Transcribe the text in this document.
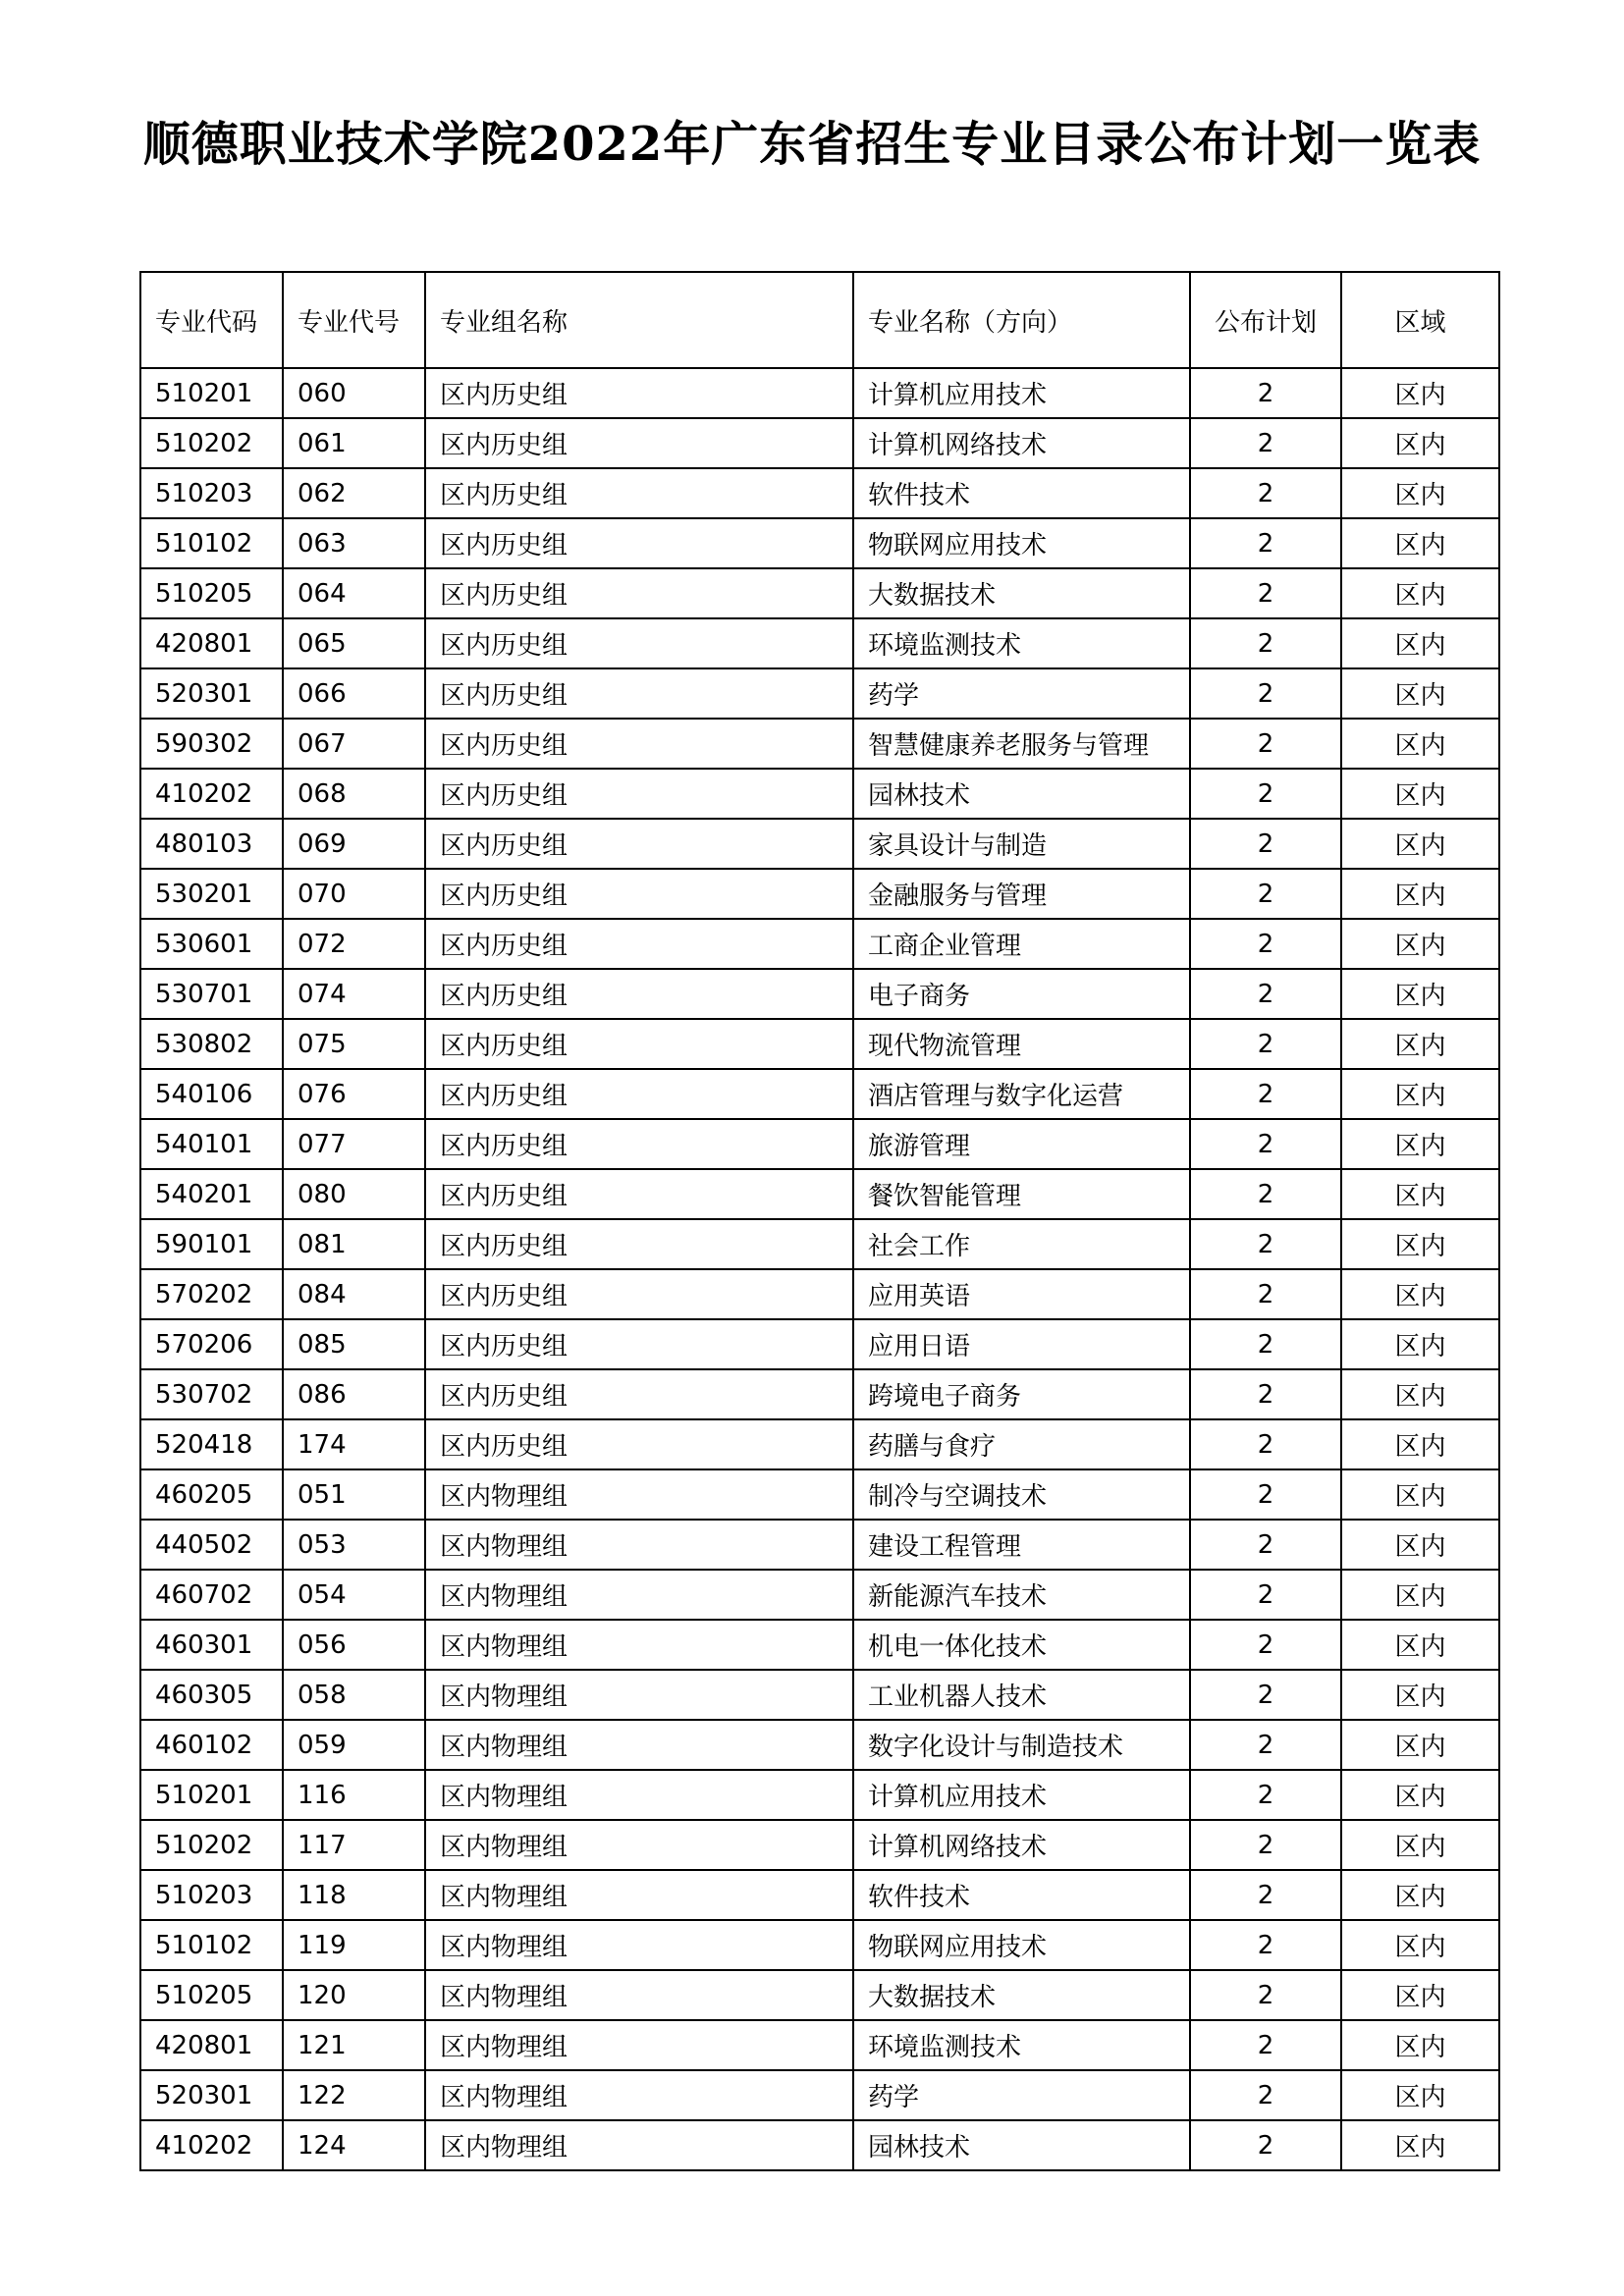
顺德职业技术学院2022年广东省招生专业目录公布计划一览表
专业代码	专业代号	专业组名称	专业名称（方向）	公布计划	区域
510201	060	区内历史组	计算机应用技术	2	区内
510202	061	区内历史组	计算机网络技术	2	区内
510203	062	区内历史组	软件技术	2	区内
510102	063	区内历史组	物联网应用技术	2	区内
510205	064	区内历史组	大数据技术	2	区内
420801	065	区内历史组	环境监测技术	2	区内
520301	066	区内历史组	药学	2	区内
590302	067	区内历史组	智慧健康养老服务与管理	2	区内
410202	068	区内历史组	园林技术	2	区内
480103	069	区内历史组	家具设计与制造	2	区内
530201	070	区内历史组	金融服务与管理	2	区内
530601	072	区内历史组	工商企业管理	2	区内
530701	074	区内历史组	电子商务	2	区内
530802	075	区内历史组	现代物流管理	2	区内
540106	076	区内历史组	酒店管理与数字化运营	2	区内
540101	077	区内历史组	旅游管理	2	区内
540201	080	区内历史组	餐饮智能管理	2	区内
590101	081	区内历史组	社会工作	2	区内
570202	084	区内历史组	应用英语	2	区内
570206	085	区内历史组	应用日语	2	区内
530702	086	区内历史组	跨境电子商务	2	区内
520418	174	区内历史组	药膳与食疗	2	区内
460205	051	区内物理组	制冷与空调技术	2	区内
440502	053	区内物理组	建设工程管理	2	区内
460702	054	区内物理组	新能源汽车技术	2	区内
460301	056	区内物理组	机电一体化技术	2	区内
460305	058	区内物理组	工业机器人技术	2	区内
460102	059	区内物理组	数字化设计与制造技术	2	区内
510201	116	区内物理组	计算机应用技术	2	区内
510202	117	区内物理组	计算机网络技术	2	区内
510203	118	区内物理组	软件技术	2	区内
510102	119	区内物理组	物联网应用技术	2	区内
510205	120	区内物理组	大数据技术	2	区内
420801	121	区内物理组	环境监测技术	2	区内
520301	122	区内物理组	药学	2	区内
410202	124	区内物理组	园林技术	2	区内
